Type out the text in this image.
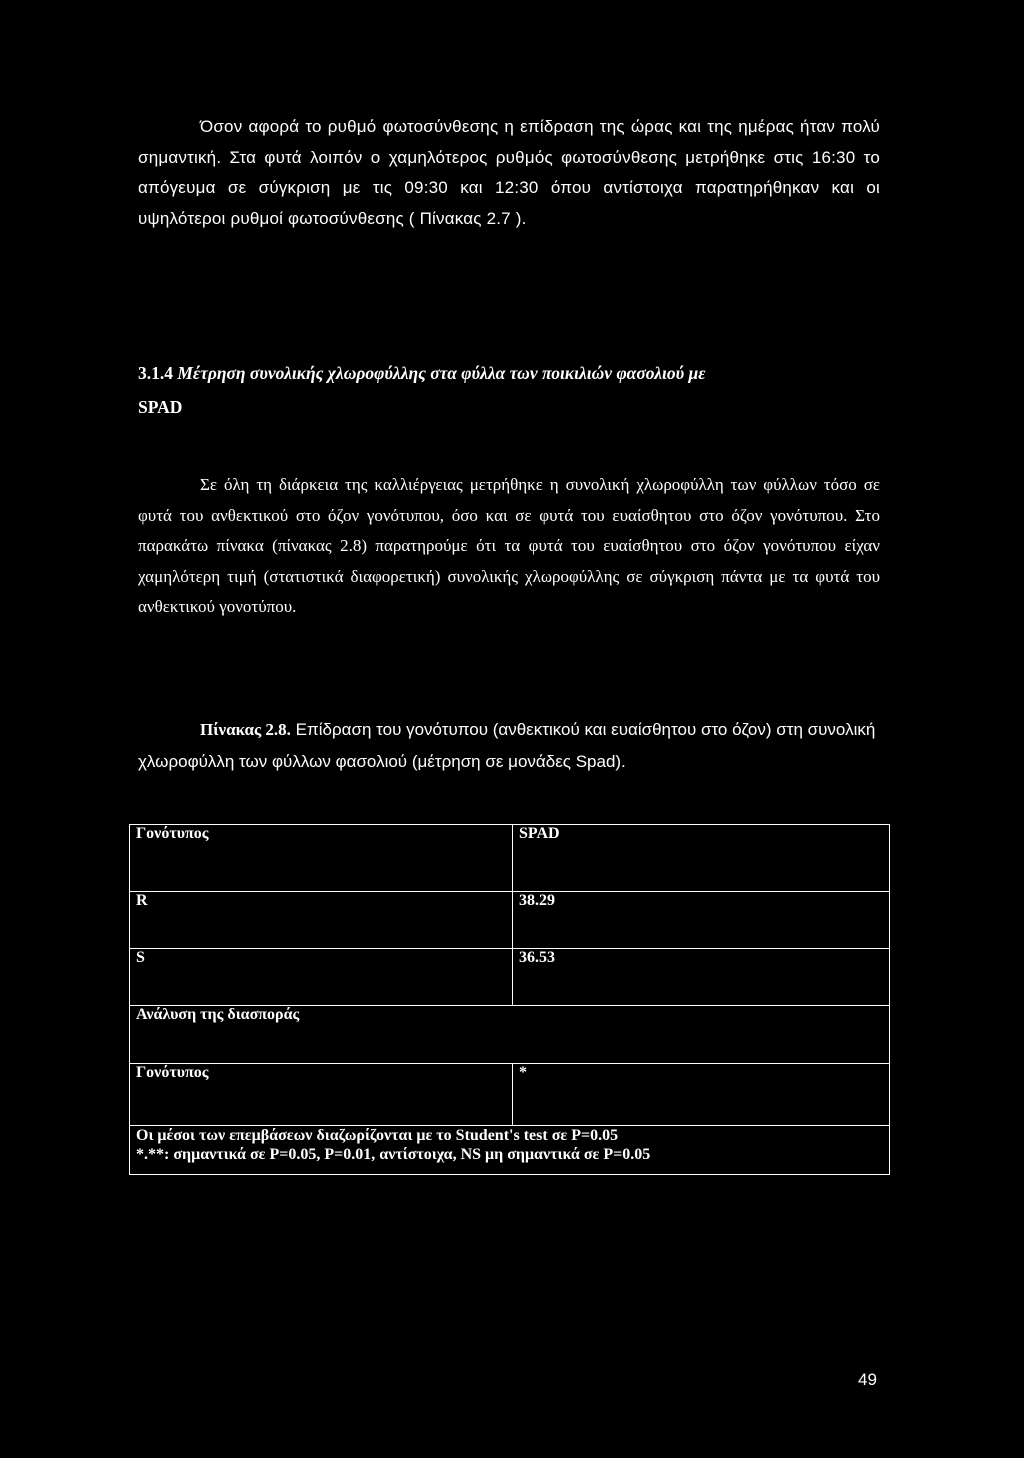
Όσον αφορά το ρυθμό φωτοσύνθεσης η επίδραση της ώρας και της ημέρας ήταν πολύ σημαντική. Στα φυτά λοιπόν ο χαμηλότερος ρυθμός φωτοσύνθεσης μετρήθηκε στις 16:30 το απόγευμα σε σύγκριση με τις 09:30 και 12:30 όπου αντίστοιχα παρατηρήθηκαν και οι υψηλότεροι ρυθμοί φωτοσύνθεσης ( Πίνακας 2.7 ).

3.1.4 Μέτρηση συνολικής χλωροφύλλης στα φύλλα των ποικιλιών φασολιού με
SPAD

Σε όλη τη διάρκεια της καλλιέργειας μετρήθηκε η συνολική χλωροφύλλη των φύλλων τόσο σε φυτά του ανθεκτικού στο όζον γονότυπου, όσο και σε φυτά του ευαίσθητου στο όζον γονότυπου. Στο παρακάτω πίνακα (πίνακας 2.8) παρατηρούμε ότι τα φυτά του ευαίσθητου στο όζον γονότυπου είχαν χαμηλότερη τιμή (στατιστικά διαφορετική) συνολικής χλωροφύλλης σε σύγκριση πάντα με τα φυτά του ανθεκτικού γονοτύπου.

Πίνακας 2.8. Επίδραση του γονότυπου (ανθεκτικού και ευαίσθητου στο όζον) στη συνολική χλωροφύλλη των φύλλων φασολιού (μέτρηση σε μονάδες Spad).

Γονότυπος	SPAD
R	38.29
S	36.53
Ανάλυση της διασποράς	
Γονότυπος	*

Οι μέσοι των επεμβάσεων διαζωρίζονται με το Student's test σε P=0.05
*.**: σημαντικά σε P=0.05, P=0.01, αντίστοιχα, NS μη σημαντικά σε P=0.05	
49
